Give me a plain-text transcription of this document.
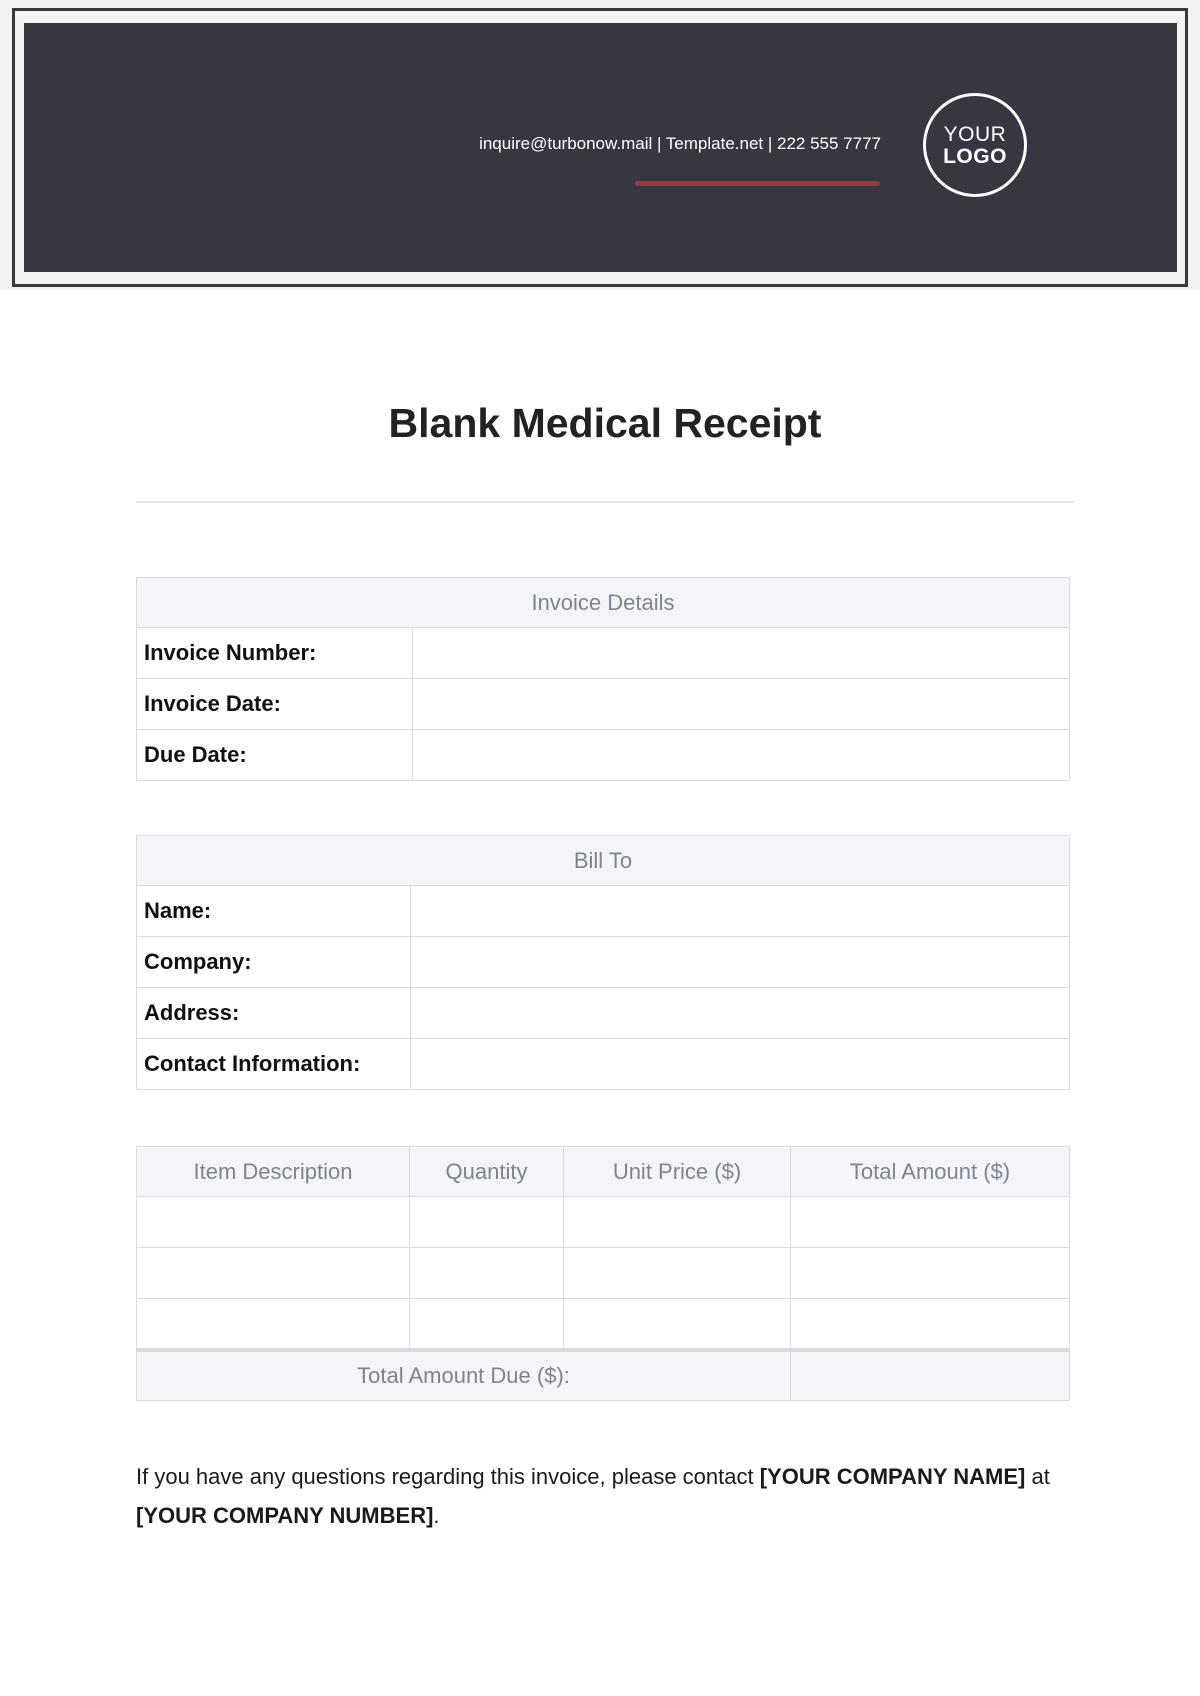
inquire@turbonow.mail | Template.net | 222 555 7777	YOUR
LOGO
Blank Medical Receipt
Invoice Details	
Invoice Number:	
Invoice Date:	
Due Date:	
Bill To	
Name:	
Company:	
Address:	
Contact Information:	
Item Description	Quantity	Unit Price ($)	Total Amount ($)

Total Amount Due ($):			

If you have any questions regarding this invoice, please contact [YOUR COMPANY NAME] at [YOUR COMPANY NUMBER].
